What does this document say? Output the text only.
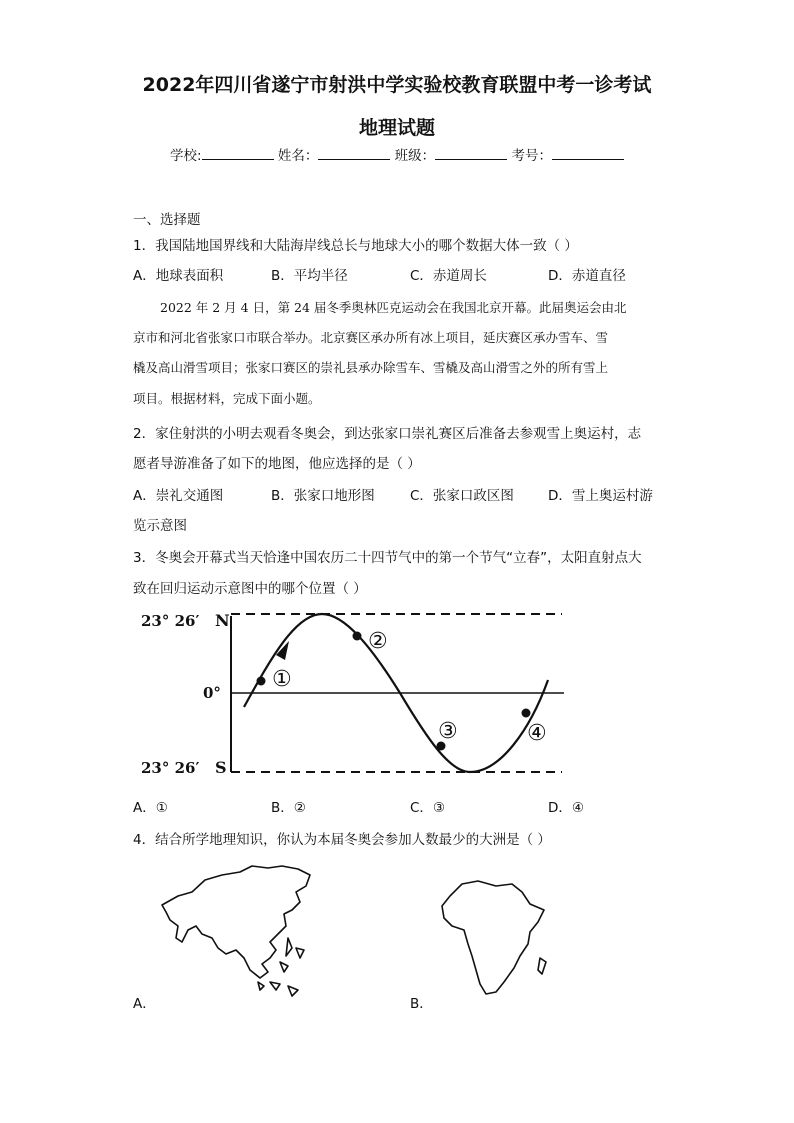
2022年四川省遂宁市射洪中学实验校教育联盟中考一诊考试
地理试题
学校:	姓名：	班级：	考号：
一、选择题
1．我国陆地国界线和大陆海岸线总长与地球大小的哪个数据大体一致（ ）
A．地球表面积	B．平均半径	C．赤道周长	D．赤道直径
2022 年 2 月 4 日，第 24 届冬季奥林匹克运动会在我国北京开幕。此届奥运会由北
京市和河北省张家口市联合举办。北京赛区承办所有冰上项目，延庆赛区承办雪车、雪
橇及高山滑雪项目；张家口赛区的崇礼县承办除雪车、雪橇及高山滑雪之外的所有雪上
项目。根据材料，完成下面小题。
2．家住射洪的小明去观看冬奥会，到达张家口崇礼赛区后准备去参观雪上奥运村，志
愿者导游准备了如下的地图，他应选择的是（ ）
A．崇礼交通图	B．张家口地形图	C．张家口政区图	D．雪上奥运村游
览示意图
3．冬奥会开幕式当天恰逢中国农历二十四节气中的第一个节气“立春”，太阳直射点大
致在回归运动示意图中的哪个位置（ ）
23° 26′ N
0°
23° 26′ S
①
②
③	④
A．①	B．②	C．③	D．④
4．结合所学地理知识，你认为本届冬奥会参加人数最少的大洲是（ ）
A．	B．
